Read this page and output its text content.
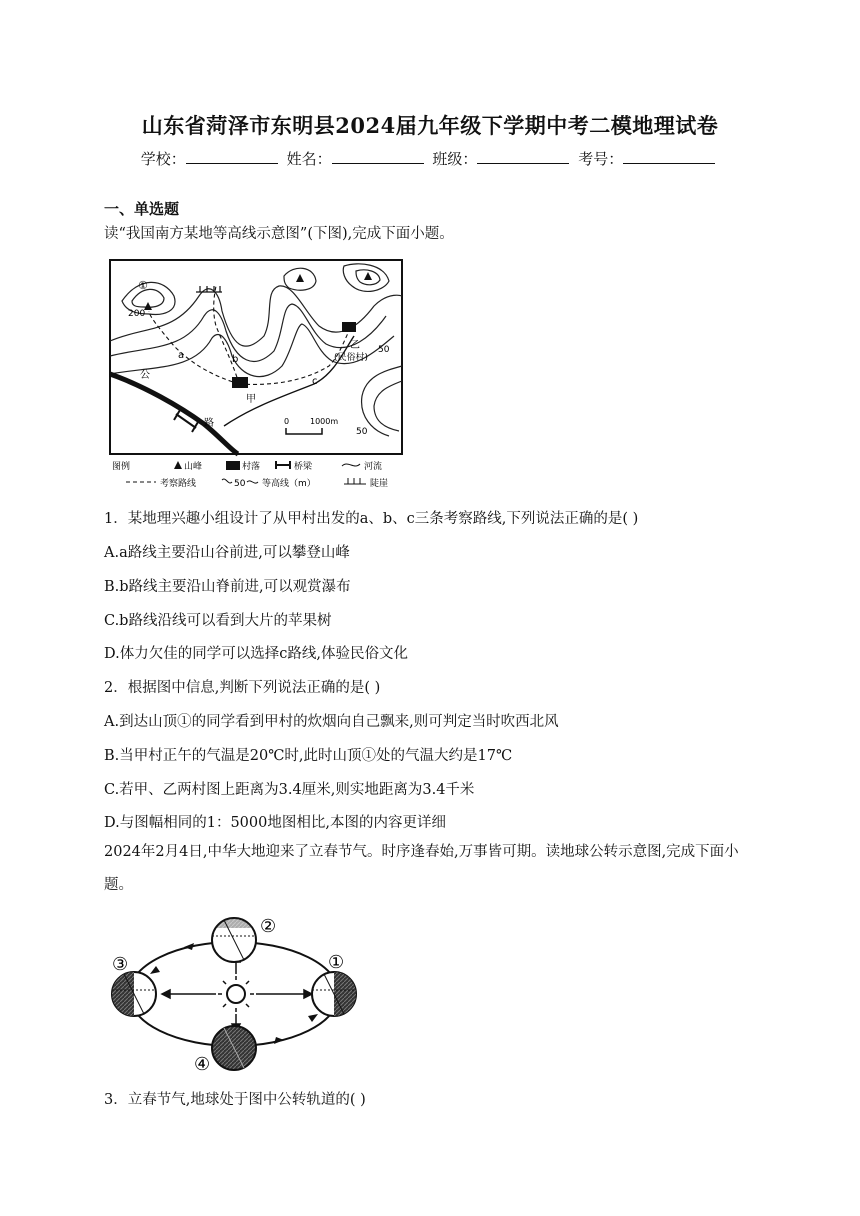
山东省菏泽市东明县2024届九年级下学期中考二模地理试卷
学校：	姓名：	班级：	考号：
一、单选题
读“我国南方某地等高线示意图”(下图),完成下面小题。
①
200
a	b
c
乙
(民俗村)
50
50
甲
公
路	0	1000m
图例	山峰	村落	桥梁	河流
考察路线	50 等高线（m）	陡崖
1．某地理兴趣小组设计了从甲村出发的a、b、c三条考察路线,下列说法正确的是( )
A.a路线主要沿山谷前进,可以攀登山峰
B.b路线主要沿山脊前进,可以观赏瀑布
C.b路线沿线可以看到大片的苹果树
D.体力欠佳的同学可以选择c路线,体验民俗文化
2．根据图中信息,判断下列说法正确的是( )
A.到达山顶①的同学看到甲村的炊烟向自己飘来,则可判定当时吹西北风
B.当甲村正午的气温是20℃时,此时山顶①处的气温大约是17℃
C.若甲、乙两村图上距离为3.4厘米,则实地距离为3.4千米
D.与图幅相同的1：5000地图相比,本图的内容更详细
2024年2月4日,中华大地迎来了立春节气。时序逢春始,万事皆可期。读地球公转示意图,完成下面小题。
②
①
③
④
3．立春节气,地球处于图中公转轨道的( )
